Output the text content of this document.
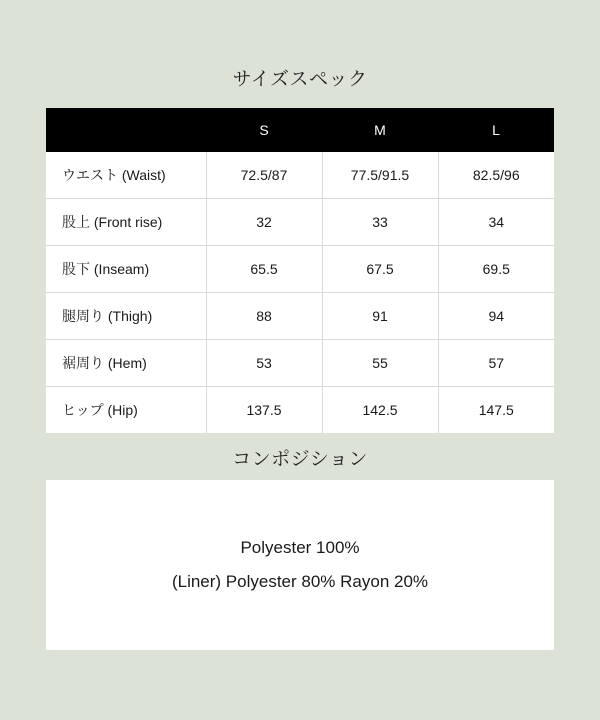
サイズスペック
	S	M	L
ウエスト (Waist)	72.5/87	77.5/91.5	82.5/96
股上 (Front rise)	32	33	34
股下 (Inseam)	65.5	67.5	69.5
腿周り (Thigh)	88	91	94
裾周り (Hem)	53	55	57
ヒップ (Hip)	137.5	142.5	147.5
コンポジション
Polyester 100%
(Liner) Polyester 80% Rayon 20%
